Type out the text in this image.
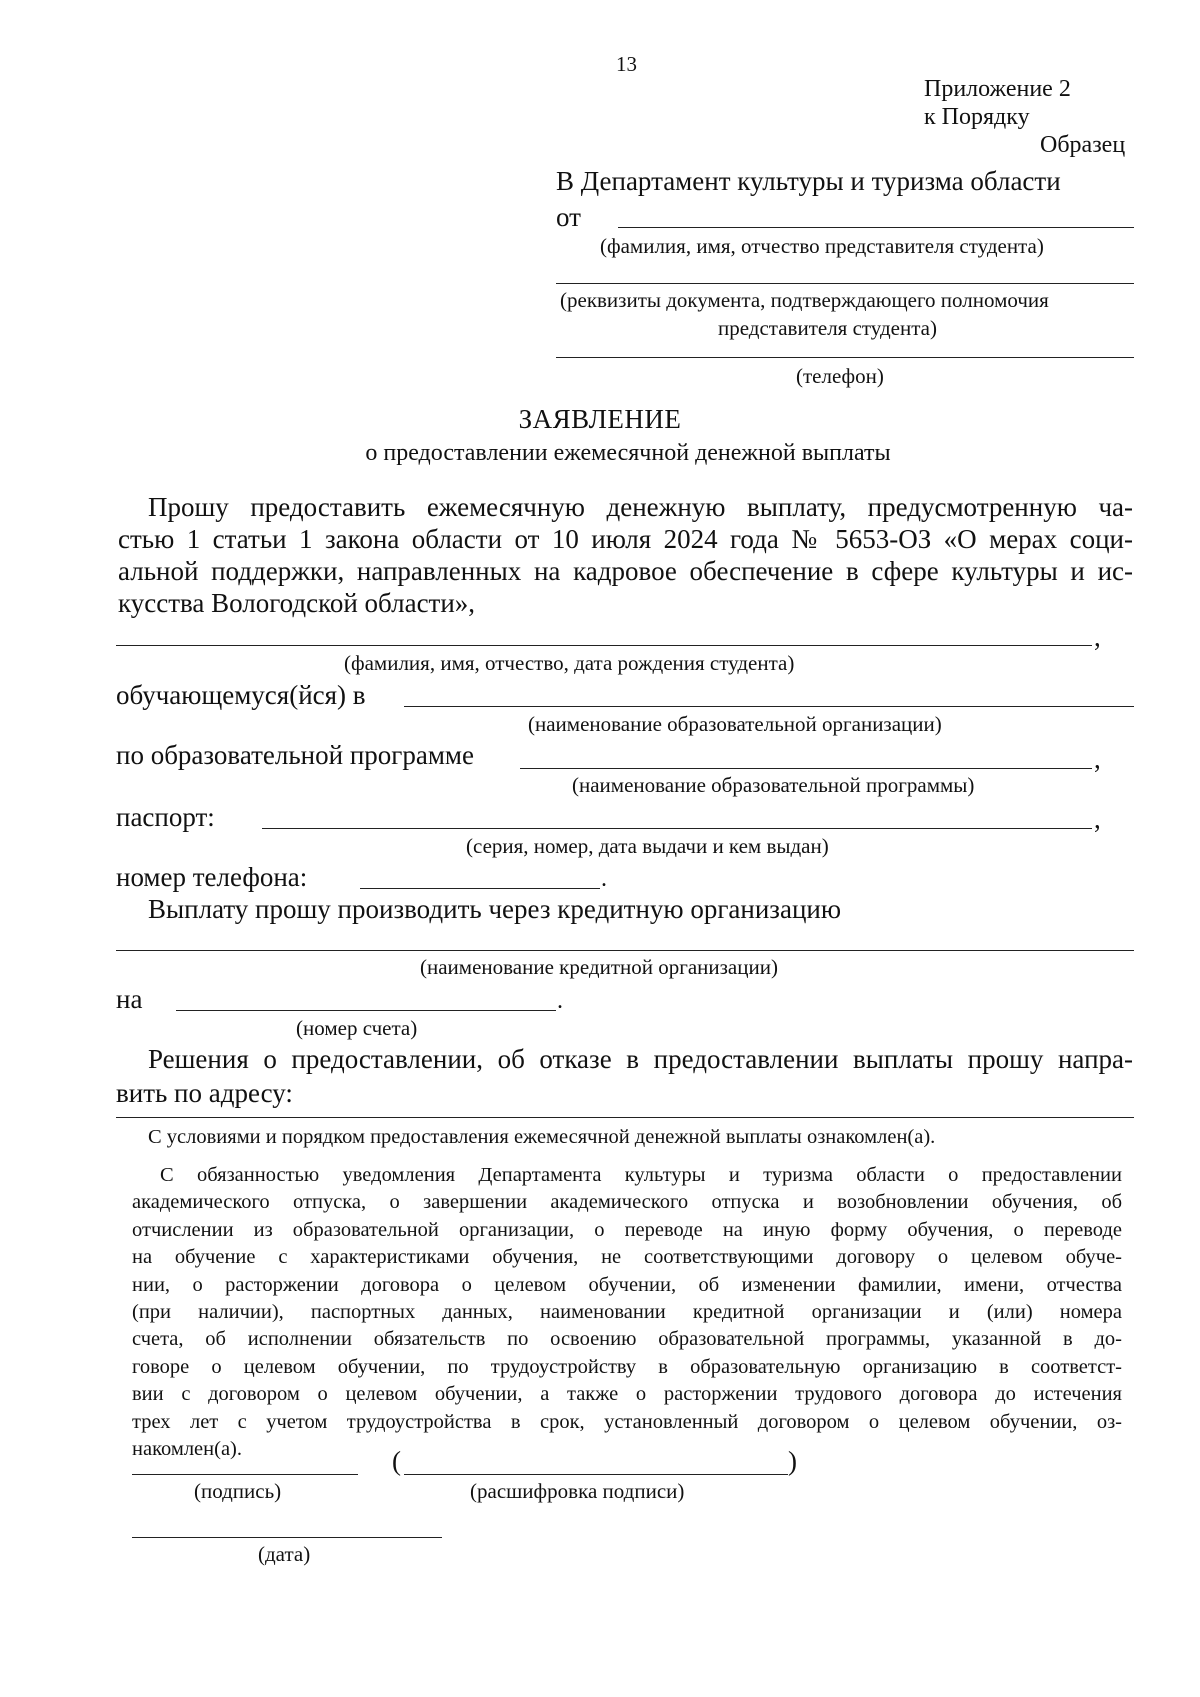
13
Приложение 2
к Порядку
Образец
В Департамент культуры и туризма области
от
(фамилия, имя, отчество представителя студента)
(реквизиты документа, подтверждающего полномочия
представителя студента)
(телефон)
ЗАЯВЛЕНИЕ
о предоставлении ежемесячной денежной выплаты
Прошу предоставить ежемесячную денежную выплату, предусмотренную ча-
стью 1 статьи 1 закона области от 10 июля 2024 года № 5653-ОЗ «О мерах соци-
альной поддержки, направленных на кадровое обеспечение в сфере культуры и ис-
кусства Вологодской области»,
,
(фамилия, имя, отчество, дата рождения студента)
обучающемуся(йся) в
(наименование образовательной организации)
по образовательной программе	,
(наименование образовательной программы)
паспорт:	,
(серия, номер, дата выдачи и кем выдан)
номер телефона:	.
Выплату прошу производить через кредитную организацию
(наименование кредитной организации)
на	.
(номер счета)
Решения о предоставлении, об отказе в предоставлении выплаты прошу напра-
вить по адресу:
С условиями и порядком предоставления ежемесячной денежной выплаты ознакомлен(а).
С обязанностью уведомления Департамента культуры и туризма области о предоставлении
академического отпуска, о завершении академического отпуска и возобновлении обучения, об
отчислении из образовательной организации, о переводе на иную форму обучения, о переводе
на обучение с характеристиками обучения, не соответствующими договору о целевом обуче-
нии, о расторжении договора о целевом обучении, об изменении фамилии, имени, отчества
(при наличии), паспортных данных, наименовании кредитной организации и (или) номера
счета, об исполнении обязательств по освоению образовательной программы, указанной в до-
говоре о целевом обучении, по трудоустройству в образовательную организацию в соответст-
вии с договором о целевом обучении, а также о расторжении трудового договора до истечения
трех лет с учетом трудоустройства в срок, установленный договором о целевом обучении, оз-
накомлен(а).	(	)
(подпись)	(расшифровка подписи)
(дата)
